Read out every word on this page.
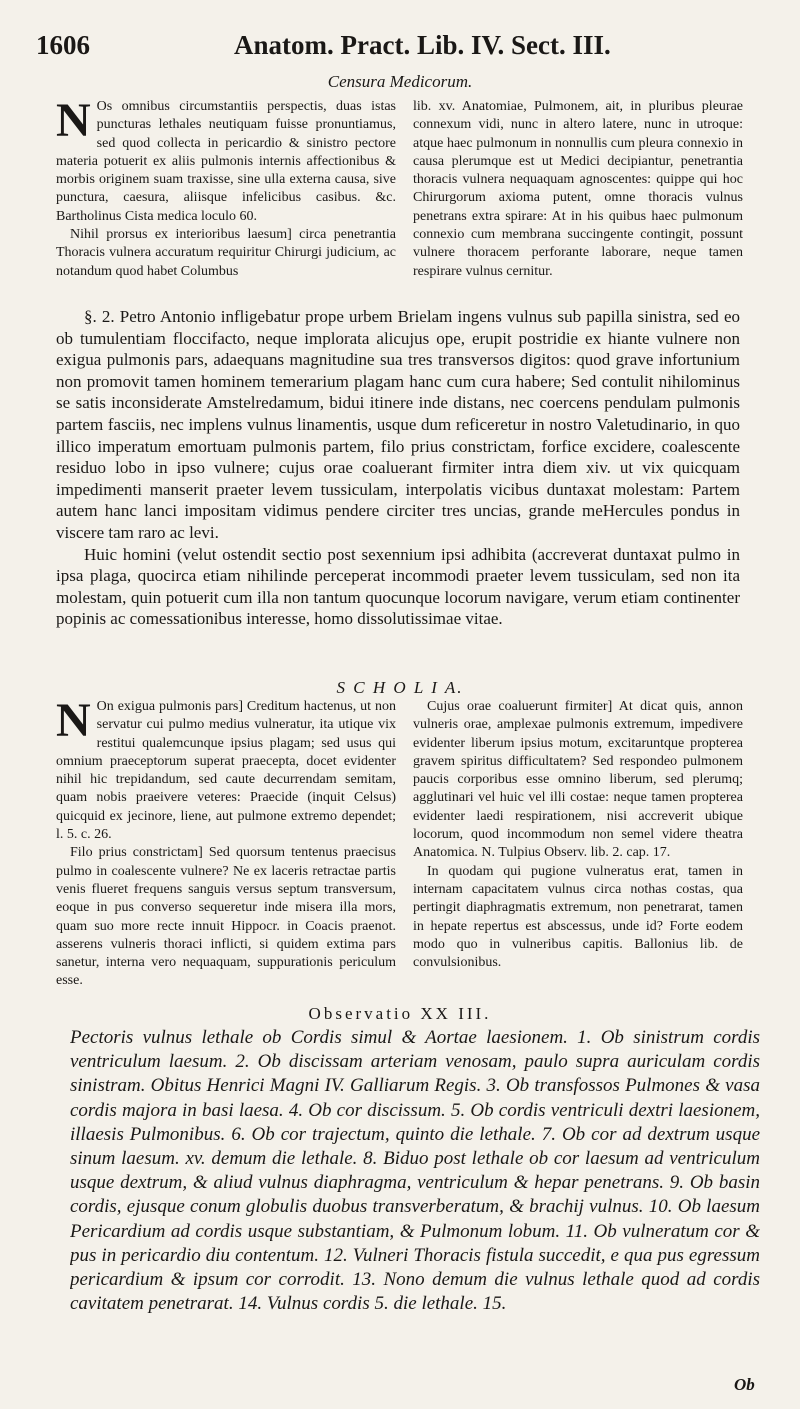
1606	Anatom. Pract. Lib. IV. Sect. III.
Censura Medicorum.
N Os omnibus circumstantiis perspectis, duas istas puncturas lethales neutiquam fuisse pronuntiamus, sed quod collecta in pericardio & sinistro pectore materia potuerit ex aliis pulmonis internis affectionibus & morbis originem suam traxisse, sine ulla externa causa, sive punctura, caesura, aliisque infelicibus casibus. &c. Bartholinus Cista medica loculo 60.

Nihil prorsus ex interioribus laesum] circa penetrantia Thoracis vulnera accuratum requiritur Chirurgi judicium, ac notandum quod habet Columbus

lib. xv. Anatomiae, Pulmonem, ait, in pluribus pleurae connexum vidi, nunc in altero latere, nunc in utroque: atque haec pulmonum in nonnullis cum pleura connexio in causa plerumque est ut Medici decipiantur, penetrantia thoracis vulnera nequaquam agnoscentes: quippe qui hoc Chirurgorum axioma putent, omne thoracis vulnus penetrans extra spirare: At in his quibus haec pulmonum connexio cum membrana succingente contingit, possunt vulnere thoracem perforante laborare, neque tamen respirare vulnus cernitur.

§. 2. Petro Antonio infligebatur prope urbem Brielam ingens vulnus sub papilla sinistra, sed eo ob tumulentiam floccifacto, neque implorata alicujus ope, erupit postridie ex hiante vulnere non exigua pulmonis pars, adaequans magnitudine sua tres transversos digitos: quod grave infortunium non promovit tamen hominem temerarium plagam hanc cum cura habere; Sed contulit nihilominus se satis inconsiderate Amstelredamum, bidui itinere inde distans, nec coercens pendulam pulmonis partem fasciis, nec implens vulnus linamentis, usque dum reficeretur in nostro Valetudinario, in quo illico imperatum emortuam pulmonis partem, filo prius constrictam, forfice excidere, coalescente residuo lobo in ipso vulnere; cujus orae coaluerant firmiter intra diem xiv. ut vix quicquam impedimenti manserit praeter levem tussiculam, interpolatis vicibus duntaxat molestam: Partem autem hanc lanci impositam vidimus pendere circiter tres uncias, grande meHercules pondus in viscere tam raro ac levi.

Huic homini (velut ostendit sectio post sexennium ipsi adhibita (accreverat duntaxat pulmo in ipsa plaga, quocirca etiam nihilinde perceperat incommodi praeter levem tussiculam, sed non ita molestam, quin potuerit cum illa non tantum quocunque locorum navigare, verum etiam continenter popinis ac comessationibus interesse, homo dissolutissimae vitae.

S C H O L I A.
N On exigua pulmonis pars] Creditum hactenus, ut non servatur cui pulmo medius vulneratur, ita utique vix restitui qualemcunque ipsius plagam; sed usus qui omnium praeceptorum superat praecepta, docet evidenter nihil hic trepidandum, sed caute decurrendam semitam, quam nobis praeivere veteres: Praecide (inquit Celsus) quicquid ex jecinore, liene, aut pulmone extremo dependet; l. 5. c. 26.

Filo prius constrictam] Sed quorsum tentenus praecisus pulmo in coalescente vulnere? Ne ex laceris retractae partis venis flueret frequens sanguis versus septum transversum, eoque in pus converso sequeretur inde misera illa mors, quam suo more recte innuit Hippocr. in Coacis praenot. asserens vulneris thoraci inflicti, si quidem extima pars sanetur, interna vero nequaquam, suppurationis periculum esse.

Cujus orae coaluerunt firmiter] At dicat quis, annon vulneris orae, amplexae pulmonis extremum, impedivere evidenter liberum ipsius motum, excitaruntque propterea gravem spiritus difficultatem? Sed respondeo pulmonem paucis corporibus esse omnino liberum, sed plerumq; agglutinari vel huic vel illi costae: neque tamen propterea evidenter laedi respirationem, nisi accreverit ubique locorum, quod incommodum non semel videre theatra Anatomica. N. Tulpius Observ. lib. 2. cap. 17.

In quodam qui pugione vulneratus erat, tamen in internam capacitatem vulnus circa nothas costas, qua pertingit diaphragmatis extremum, non penetrarat, tamen in hepate repertus est abscessus, unde id? Forte eodem modo quo in vulneribus capitis. Ballonius lib. de convulsionibus.

Observatio XX III.
Pectoris vulnus lethale ob Cordis simul & Aortae laesionem. 1. Ob sinistrum cordis ventriculum laesum. 2. Ob discissam arteriam venosam, paulo supra auriculam cordis sinistram. Obitus Henrici Magni IV. Galliarum Regis. 3. Ob transfossos Pulmones & vasa cordis majora in basi laesa. 4. Ob cor discissum. 5. Ob cordis ventriculi dextri laesionem, illaesis Pulmonibus. 6. Ob cor trajectum, quinto die lethale. 7. Ob cor ad dextrum usque sinum laesum. xv. demum die lethale. 8. Biduo post lethale ob cor laesum ad ventriculum usque dextrum, & aliud vulnus diaphragma, ventriculum & hepar penetrans. 9. Ob basin cordis, ejusque conum globulis duobus transverberatum, & brachij vulnus. 10. Ob laesum Pericardium ad cordis usque substantiam, & Pulmonum lobum. 11. Ob vulneratum cor & pus in pericardio diu contentum. 12. Vulneri Thoracis fistula succedit, e qua pus egressum pericardium & ipsum cor corrodit. 13. Nono demum die vulnus lethale quod ad cordis cavitatem penetrarat. 14. Vulnus cordis 5. die lethale. 15.
Ob
